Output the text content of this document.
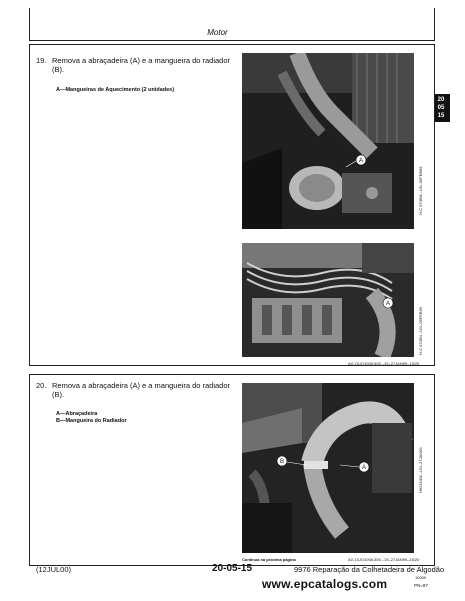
Motor
20
05
15
19. Remova a abraçadeira (A) e a mangueira do radiador (B).
A—Mangueiras de Aquecimento (2 unidades)
A
H-C 6749M –UN–09FEB99
A
H-C 6749N –UN–09FEB99
AG,OUO1008,505 –19–27JAN99–15/20
20. Remova a abraçadeira (A) e a mangueira do radiador (B).
A—Abraçadeira
B—Mangueira do Radiador
B
A	H62154W –UN–27JAN99
Continua na próxima página	AG,OUO1008,505 –19–27JAN99–16/20
(12JUL00)	20-05-15	9976 Reparação da Colhetadeira de Algodão
10000
PN=87
www.epcatalogs.com
